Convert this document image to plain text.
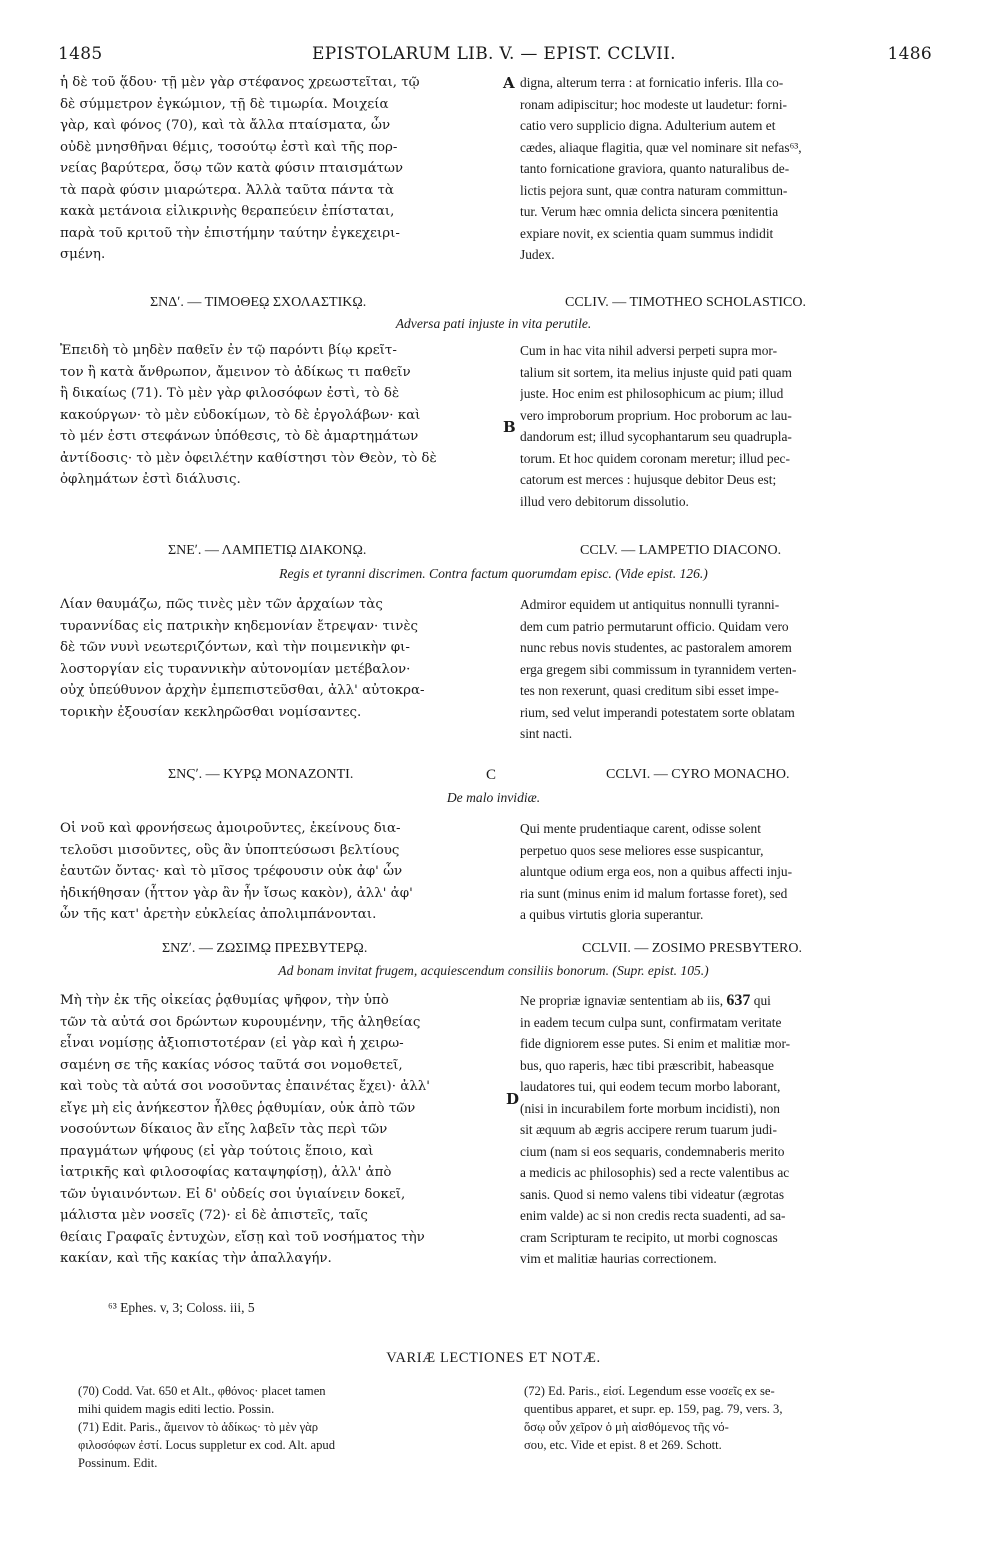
1485	EPISTOLARUM LIB. V. — EPIST. CCLVII.	1486
ἡ δὲ τοῦ ᾅδου· τῇ μὲν γὰρ στέφανος χρεωστεῖται, τῷ
δὲ σύμμετρον ἐγκώμιον, τῇ δὲ τιμωρία. Μοιχεία
γὰρ, καὶ φόνος (70), καὶ τὰ ἄλλα πταίσματα, ὧν
οὐδὲ μνησθῆναι θέμις, τοσούτῳ ἐστὶ καὶ τῆς πορ-
νείας βαρύτερα, ὅσῳ τῶν κατὰ φύσιν πταισμάτων
τὰ παρὰ φύσιν μιαρώτερα. Ἀλλὰ ταῦτα πάντα τὰ
κακὰ μετάνοια εἰλικρινὴς θεραπεύειν ἐπίσταται,
παρὰ τοῦ κριτοῦ τὴν ἐπιστήμην ταύτην ἐγκεχειρι-
σμένη.
A digna, alterum terra : at fornicatio inferis. Illa co-
ronam adipiscitur; hoc modeste ut laudetur: forni-
catio vero supplicio digna. Adulterium autem et
cædes, aliaque flagitia, quæ vel nominare sit nefas⁶³,
tanto fornicatione graviora, quanto naturalibus de-
lictis pejora sunt, quæ contra naturam committun-
tur. Verum hæc omnia delicta sincera pœnitentia
expiare novit, ex scientia quam summus indidit
Judex.
ΣΝΔʹ. — ΤΙΜΟΘΕῼ ΣΧΟΛΑΣΤΙΚῼ.	CCLIV. — TIMOTHEO SCHOLASTICO.
Adversa pati injuste in vita perutile.
Ἐπειδὴ τὸ μηδὲν παθεῖν ἐν τῷ παρόντι βίῳ κρεῖτ-
τον ἢ κατὰ ἄνθρωπον, ἄμεινον τὸ ἀδίκως τι παθεῖν
ἢ δικαίως (71). Τὸ μὲν γὰρ φιλοσόφων ἐστὶ, τὸ δὲ
κακούργων· τὸ μὲν εὐδοκίμων, τὸ δὲ ἐργολάβων· καὶ
τὸ μέν ἐστι στεφάνων ὑπόθεσις, τὸ δὲ ἁμαρτημάτων
ἀντίδοσις· τὸ μὲν ὀφειλέτην καθίστησι τὸν Θεὸν, τὸ δὲ
ὀφλημάτων ἐστὶ διάλυσις.
B
Cum in hac vita nihil adversi perpeti supra mor-
talium sit sortem, ita melius injuste quid pati quam
juste. Hoc enim est philosophicum ac pium; illud
vero improborum proprium. Hoc proborum ac lau-
dandorum est; illud sycophantarum seu quadrupla-
torum. Et hoc quidem coronam meretur; illud pec-
catorum est merces : hujusque debitor Deus est;
illud vero debitorum dissolutio.
ΣΝΕʹ. — ΛΑΜΠΕΤΙῼ ΔΙΑΚΟΝῼ.	CCLV. — LAMPETIO DIACONO.
Regis et tyranni discrimen. Contra factum quorumdam episc. (Vide epist. 126.)
Λίαν θαυμάζω, πῶς τινὲς μὲν τῶν ἀρχαίων τὰς
τυραννίδας εἰς πατρικὴν κηδεμονίαν ἔτρεψαν· τινὲς
δὲ τῶν νυνὶ νεωτεριζόντων, καὶ τὴν ποιμενικὴν φι-
λοστοργίαν εἰς τυραννικὴν αὐτονομίαν μετέβαλον·
οὐχ ὑπεύθυνον ἀρχὴν ἐμπεπιστεῦσθαι, ἀλλ' αὐτοκρα-
τορικὴν ἐξουσίαν κεκληρῶσθαι νομίσαντες.
Admiror equidem ut antiquitus nonnulli tyranni-
dem cum patrio permutarunt officio. Quidam vero
nunc rebus novis studentes, ac pastoralem amorem
erga gregem sibi commissum in tyrannidem verten-
tes non rexerunt, quasi creditum sibi esset impe-
rium, sed velut imperandi potestatem sorte oblatam
sint nacti.
ΣΝϚʹ. — ΚΥΡῼ ΜΟΝΑΖΟΝΤΙ.	C	CCLVI. — CYRO MONACHO.
De malo invidiæ.
Οἱ νοῦ καὶ φρονήσεως ἀμοιροῦντες, ἐκείνους δια-
τελοῦσι μισοῦντες, οὓς ἂν ὑποπτεύσωσι βελτίους
ἑαυτῶν ὄντας· καὶ τὸ μῖσος τρέφουσιν οὐκ ἀφ' ὧν
ἠδικήθησαν (ἧττον γὰρ ἂν ἦν ἴσως κακὸν), ἀλλ' ἀφ'
ὧν τῆς κατ' ἀρετὴν εὐκλείας ἀπολιμπάνονται.
Qui mente prudentiaque carent, odisse solent
perpetuo quos sese meliores esse suspicantur,
aluntque odium erga eos, non a quibus affecti inju-
ria sunt (minus enim id malum fortasse foret), sed
a quibus virtutis gloria superantur.
ΣΝΖʹ. — ΖΩΣΙΜῼ ΠΡΕΣΒΥΤΕΡῼ.	CCLVII. — ZOSIMO PRESBYTERO.
Ad bonam invitat frugem, acquiescendum consiliis bonorum. (Supr. epist. 105.)
Μὴ τὴν ἐκ τῆς οἰκείας ῥᾳθυμίας ψῆφον, τὴν ὑπὸ
τῶν τὰ αὐτά σοι δρώντων κυρουμένην, τῆς ἀληθείας
εἶναι νομίσῃς ἀξιοπιστοτέραν (εἰ γὰρ καὶ ἡ χειρω-
σαμένη σε τῆς κακίας νόσος ταῦτά σοι νομοθετεῖ,
καὶ τοὺς τὰ αὐτά σοι νοσοῦντας ἐπαινέτας ἔχει)· ἀλλ'
εἴγε μὴ εἰς ἀνήκεστον ἦλθες ῥᾳθυμίαν, οὐκ ἀπὸ τῶν
νοσούντων δίκαιος ἂν εἴης λαβεῖν τὰς περὶ τῶν
πραγμάτων ψήφους (εἰ γὰρ τούτοις ἕποιο, καὶ
ἰατρικῆς καὶ φιλοσοφίας καταψηφίσῃ), ἀλλ' ἀπὸ
τῶν ὑγιαινόντων. Εἰ δ' οὐδείς σοι ὑγιαίνειν δοκεῖ,
μάλιστα μὲν νοσεῖς (72)· εἰ δὲ ἀπιστεῖς, ταῖς
θείαις Γραφαῖς ἐντυχὼν, εἴσῃ καὶ τοῦ νοσήματος τὴν
κακίαν, καὶ τῆς κακίας τὴν ἀπαλλαγήν.
D
Ne propriæ ignaviæ sententiam ab iis, 637 qui
in eadem tecum culpa sunt, confirmatam veritate
fide digniorem esse putes. Si enim et malitiæ mor-
bus, quo raperis, hæc tibi præscribit, habeasque
laudatores tui, qui eodem tecum morbo laborant,
(nisi in incurabilem forte morbum incidisti), non
sit æquum ab ægris accipere rerum tuarum judi-
cium (nam si eos sequaris, condemnaberis merito
a medicis ac philosophis) sed a recte valentibus ac
sanis. Quod si nemo valens tibi videatur (ægrotas
enim valde) ac si non credis recta suadenti, ad sa-
cram Scripturam te recipito, ut morbi cognoscas
vim et malitiæ haurias correctionem.
⁶³ Ephes. v, 3; Coloss. iii, 5
VARIÆ LECTIONES ET NOTÆ.
(70) Codd. Vat. 650 et Alt., φθόνος· placet tamen
mihi quidem magis editi lectio. Possin.
(71) Edit. Paris., ἄμεινον τὸ ἀδίκως· τὸ μὲν γὰρ
φιλοσόφων ἐστί. Locus suppletur ex cod. Alt. apud
Possinum. Edit.
(72) Ed. Paris., εἰσί. Legendum esse νοσεῖς ex se-
quentibus apparet, et supr. ep. 159, pag. 79, vers. 3,
ὅσῳ οὖν χεῖρον ὁ μὴ αἰσθόμενος τῆς νό-
σου, etc. Vide et epist. 8 et 269. Schott.
